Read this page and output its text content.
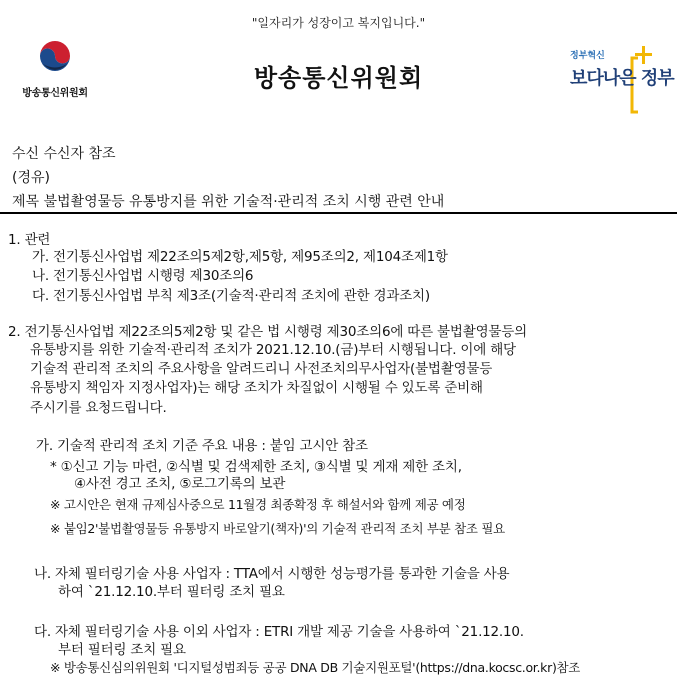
"일자리가 성장이고 복지입니다."
방송통신위원회
방송통신위원회
정부혁신
보다나은 정부
수신 수신자 참조
(경유)
제목 불법촬영물등 유통방지를 위한 기술적·관리적 조치 시행 관련 안내
1. 관련
가. 전기통신사업법 제22조의5제2항,제5항, 제95조의2, 제104조제1항
나. 전기통신사업법 시행령 제30조의6
다. 전기통신사업법 부칙 제3조(기술적·관리적 조치에 관한 경과조치)
2. 전기통신사업법 제22조의5제2항 및 같은 법 시행령 제30조의6에 따른 불법촬영물등의
유통방지를 위한 기술적·관리적 조치가 2021.12.10.(금)부터 시행됩니다. 이에 해당
기술적 관리적 조치의 주요사항을 알려드리니 사전조치의무사업자(불법촬영물등
유통방지 책임자 지정사업자)는 해당 조치가 차질없이 시행될 수 있도록 준비해
주시기를 요청드립니다.
가. 기술적 관리적 조치 기준 주요 내용 : 붙임 고시안 참조
* ①신고 기능 마련, ②식별 및 검색제한 조치, ③식별 및 게재 제한 조치,
④사전 경고 조치, ⑤로그기록의 보관
※ 고시안은 현재 규제심사중으로 11월경 최종확정 후 해설서와 함께 제공 예정
※ 붙임2'불법촬영물등 유통방지 바로알기(책자)'의 기술적 관리적 조치 부분 참조 필요
나. 자체 필터링기술 사용 사업자 : TTA에서 시행한 성능평가를 통과한 기술을 사용
하여 `21.12.10.부터 필터링 조치 필요
다. 자체 필터링기술 사용 이외 사업자 : ETRI 개발 제공 기술을 사용하여 `21.12.10.
부터 필터링 조치 필요
※ 방송통신심의위원회 '디지털성범죄등 공공 DNA DB 기술지원포털'(https://dna.kocsc.or.kr)참조
